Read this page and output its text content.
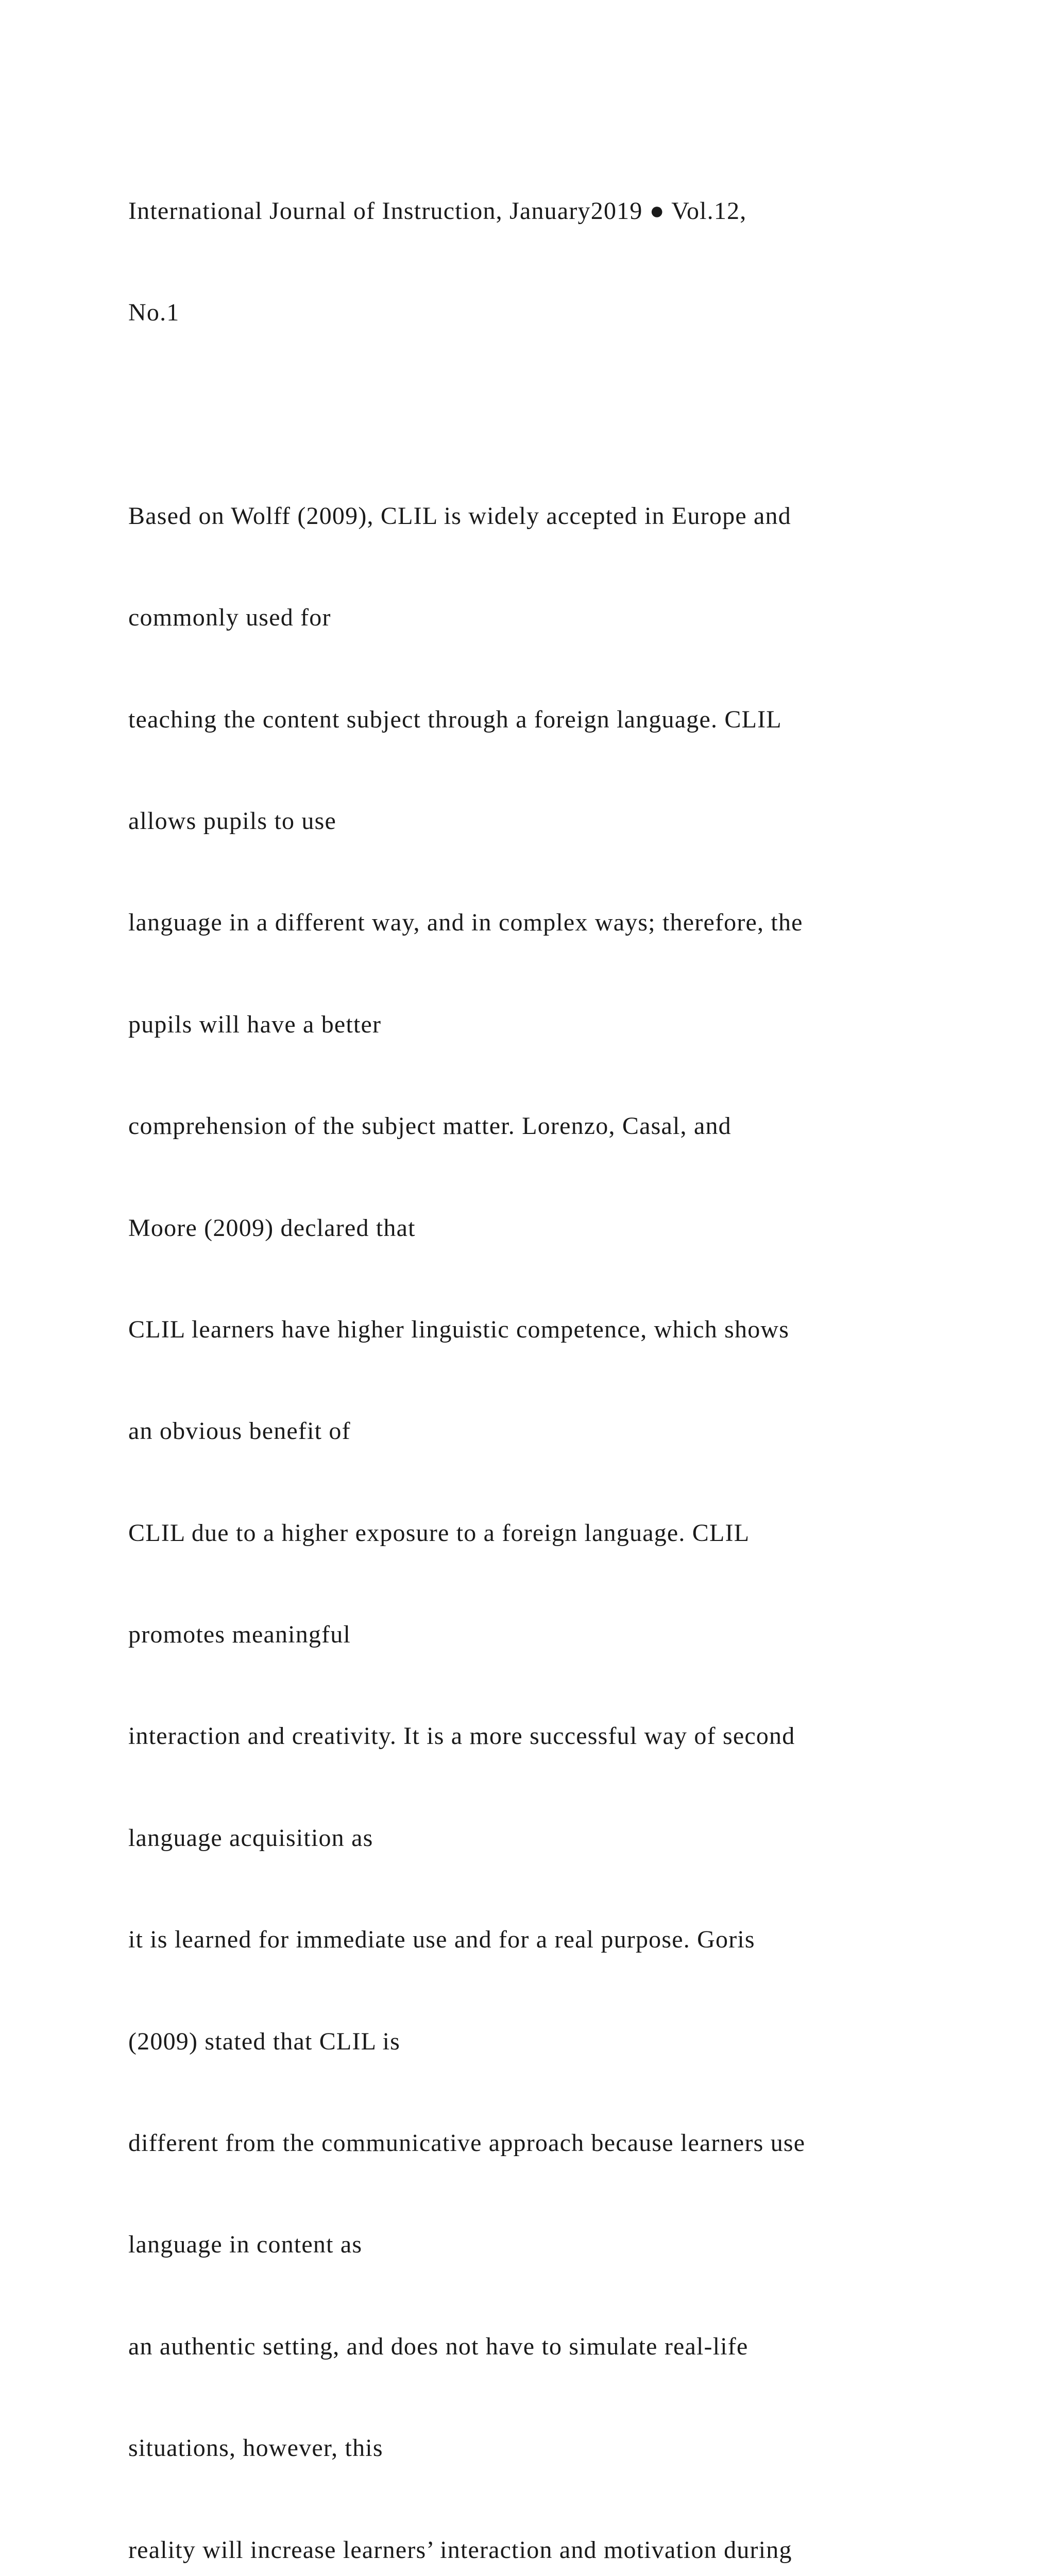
International Journal of Instruction, January2019 ● Vol.12,

No.1

Based on Wolff (2009), CLIL is widely accepted in Europe and

commonly used for

teaching the content subject through a foreign language. CLIL

allows pupils to use

language in a different way, and in complex ways; therefore, the

pupils will have a better

comprehension of the subject matter. Lorenzo, Casal, and

Moore (2009) declared that

CLIL learners have higher linguistic competence, which shows

an obvious benefit of

CLIL due to a higher exposure to a foreign language. CLIL

promotes meaningful

interaction and creativity. It is a more successful way of second

language acquisition as

it is learned for immediate use and for a real purpose. Goris

(2009) stated that CLIL is

different from the communicative approach because learners use

language in content as

an authentic setting, and does not have to simulate real-life

situations, however, this

reality will increase learners’ interaction and motivation during
